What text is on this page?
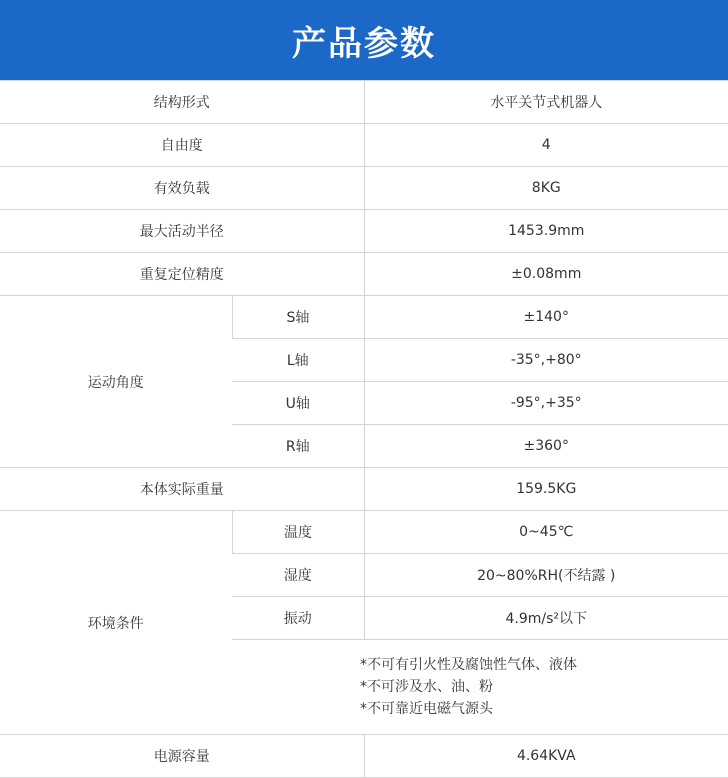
产品参数
结构形式		水平关节式机器人
自由度		4
有效负载		8KG
最大活动半径		1453.9mm
重复定位精度		±0.08mm
运动角度	S轴	±140°
	L轴	-35°,+80°
	U轴	-95°,+35°
	R轴	±360°
本体实际重量		159.5KG
环境条件	温度	0~45℃
	湿度	20~80%RH(不结露 )
	振动	4.9m/s²以下

	*不可有引火性及腐蚀性气体、液体
*不可涉及水、油、粉
*不可靠近电磁气源头	

电源容量		4.64KVA
